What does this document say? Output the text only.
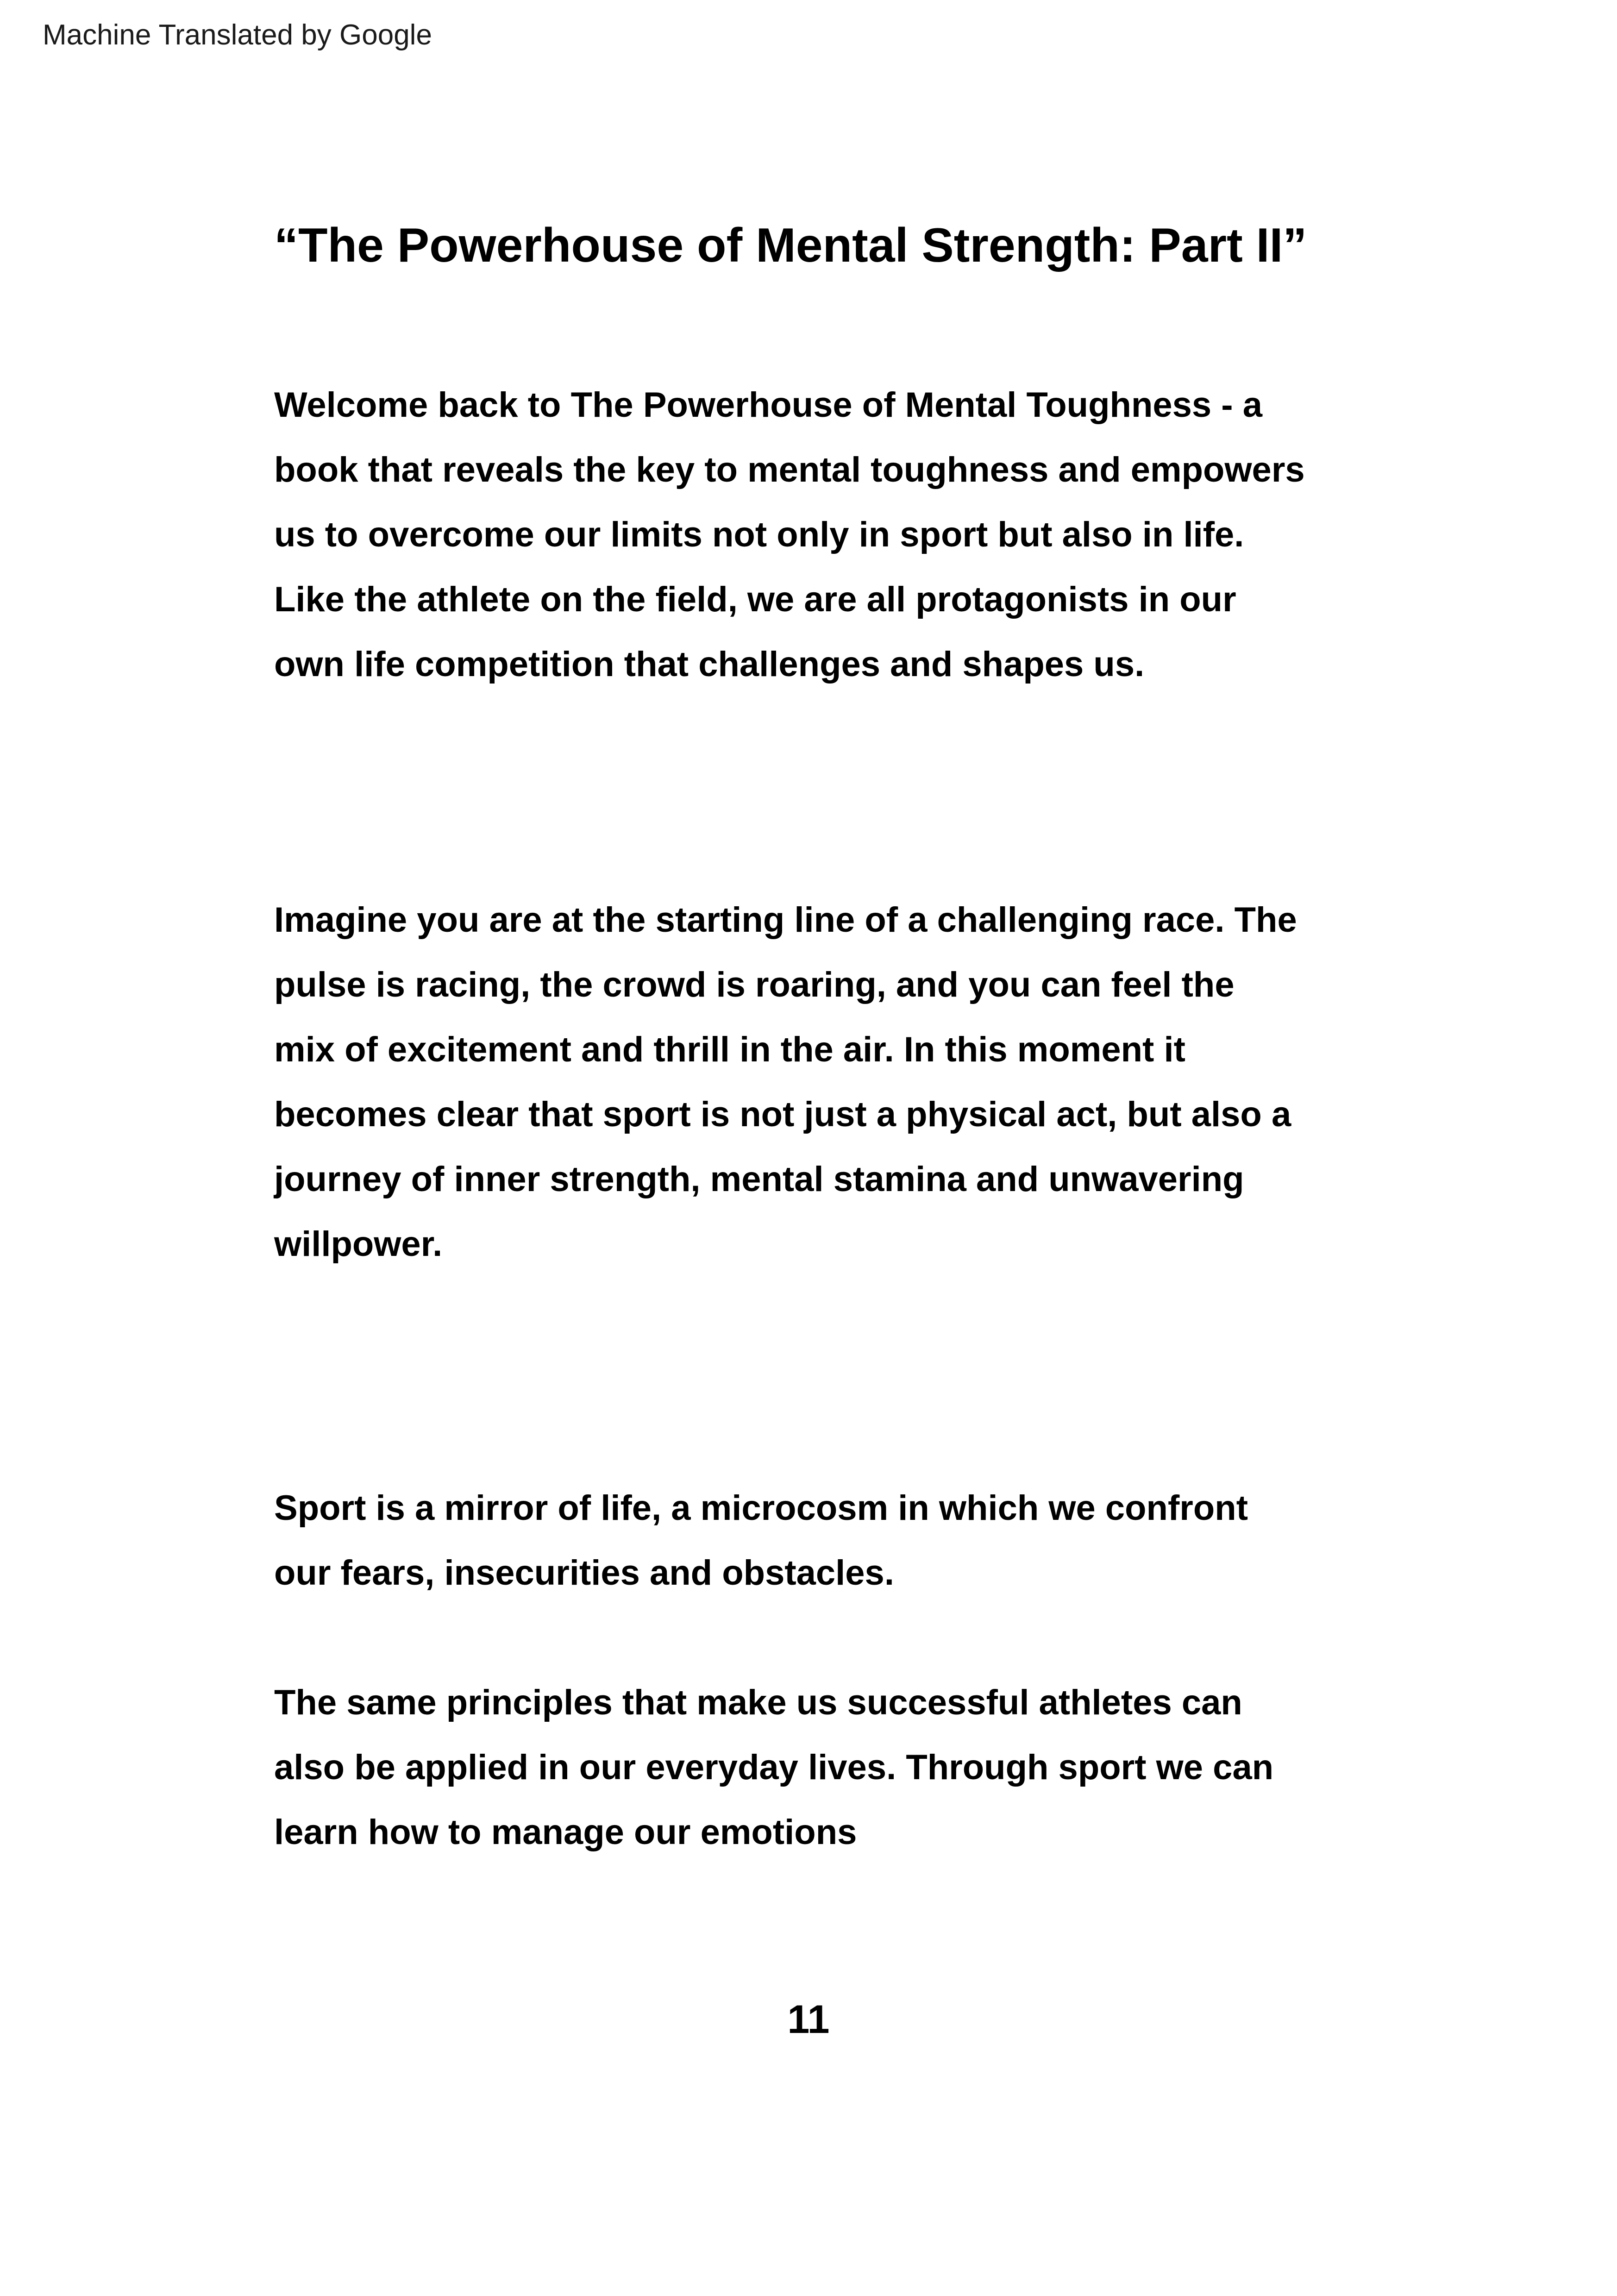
Machine Translated by Google
“The Powerhouse of Mental Strength: Part II”
Welcome back to The Powerhouse of Mental Toughness - a
book that reveals the key to mental toughness and empowers
us to overcome our limits not only in sport but also in life.
Like the athlete on the field, we are all protagonists in our
own life competition that challenges and shapes us.
Imagine you are at the starting line of a challenging race. The
pulse is racing, the crowd is roaring, and you can feel the
mix of excitement and thrill in the air. In this moment it
becomes clear that sport is not just a physical act, but also a
journey of inner strength, mental stamina and unwavering
willpower.
Sport is a mirror of life, a microcosm in which we confront
our fears, insecurities and obstacles.
The same principles that make us successful athletes can
also be applied in our everyday lives. Through sport we can
learn how to manage our emotions
11
